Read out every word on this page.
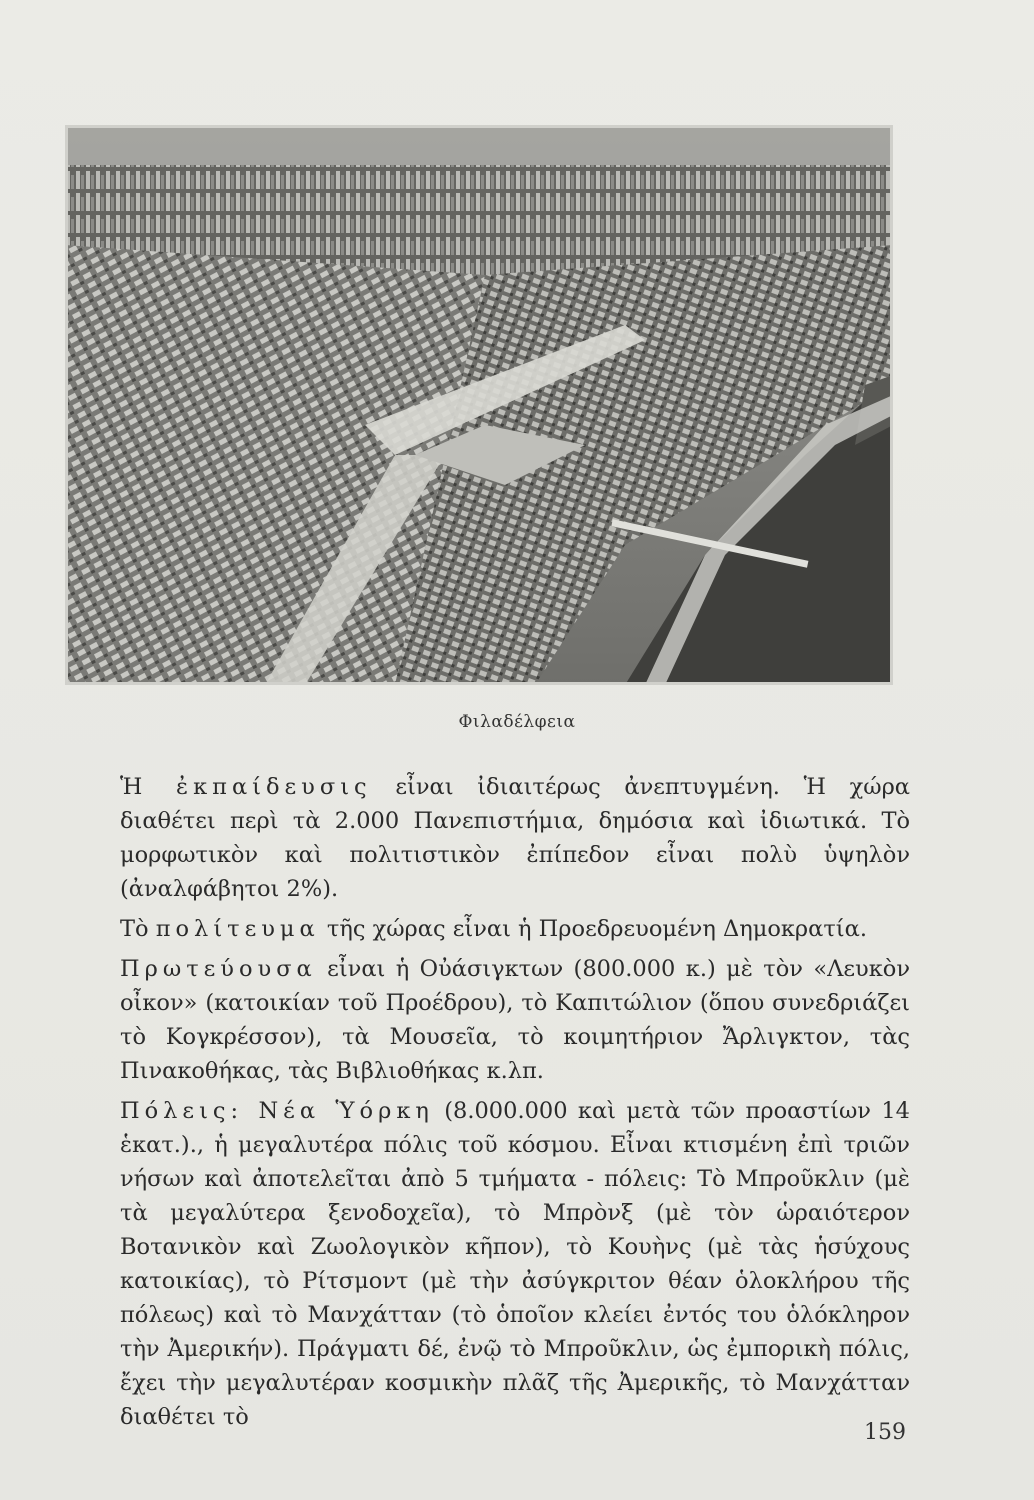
Φιλαδέλφεια

Ἡ ἐκπαίδευσις εἶναι ἰδιαιτέρως ἀνεπτυγμένη. Ἡ χώρα διαθέτει περὶ τὰ 2.000 Πανεπιστήμια, δημόσια καὶ ἰδιωτικά. Τὸ μορφωτικὸν καὶ πολιτιστικὸν ἐπίπεδον εἶναι πολὺ ὑψηλὸν (ἀναλφάβητοι 2%).

Τὸ πολίτευμα τῆς χώρας εἶναι ἡ Προεδρευομένη Δημοκρατία.

Πρωτεύουσα εἶναι ἡ Οὐάσιγκτων (800.000 κ.) μὲ τὸν «Λευκὸν οἶκον» (κατοικίαν τοῦ Προέδρου), τὸ Καπιτώλιον (ὅπου συνεδριάζει τὸ Κογκρέσσον), τὰ Μουσεῖα, τὸ κοιμητήριον Ἄρλιγκτον, τὰς Πινακοθήκας, τὰς Βιβλιοθήκας κ.λπ.

Πόλεις: Νέα Ὑόρκη (8.000.000 καὶ μετὰ τῶν προαστίων 14 ἑκατ.)., ἡ μεγαλυτέρα πόλις τοῦ κόσμου. Εἶναι κτισμένη ἐπὶ τριῶν νήσων καὶ ἀποτελεῖται ἀπὸ 5 τμήματα - πόλεις: Τὸ Μπροῦκλιν (μὲ τὰ μεγαλύτερα ξενοδοχεῖα), τὸ Μπρὸνξ (μὲ τὸν ὡραιότερον Βοτανικὸν καὶ Ζωολογικὸν κῆπον), τὸ Κουὴνς (μὲ τὰς ἡσύχους κατοικίας), τὸ Ρίτσμοντ (μὲ τὴν ἀσύγκριτον θέαν ὁλοκλήρου τῆς πόλεως) καὶ τὸ Μανχάτταν (τὸ ὁποῖον κλείει ἐντός του ὁλόκληρον τὴν Ἀμερικήν). Πράγματι δέ, ἐνῷ τὸ Μπροῦκλιν, ὡς ἐμπορικὴ πόλις, ἔχει τὴν μεγαλυτέραν κοσμικὴν πλᾶζ τῆς Ἀμερικῆς, τὸ Μανχάτταν διαθέτει τὸ

159
